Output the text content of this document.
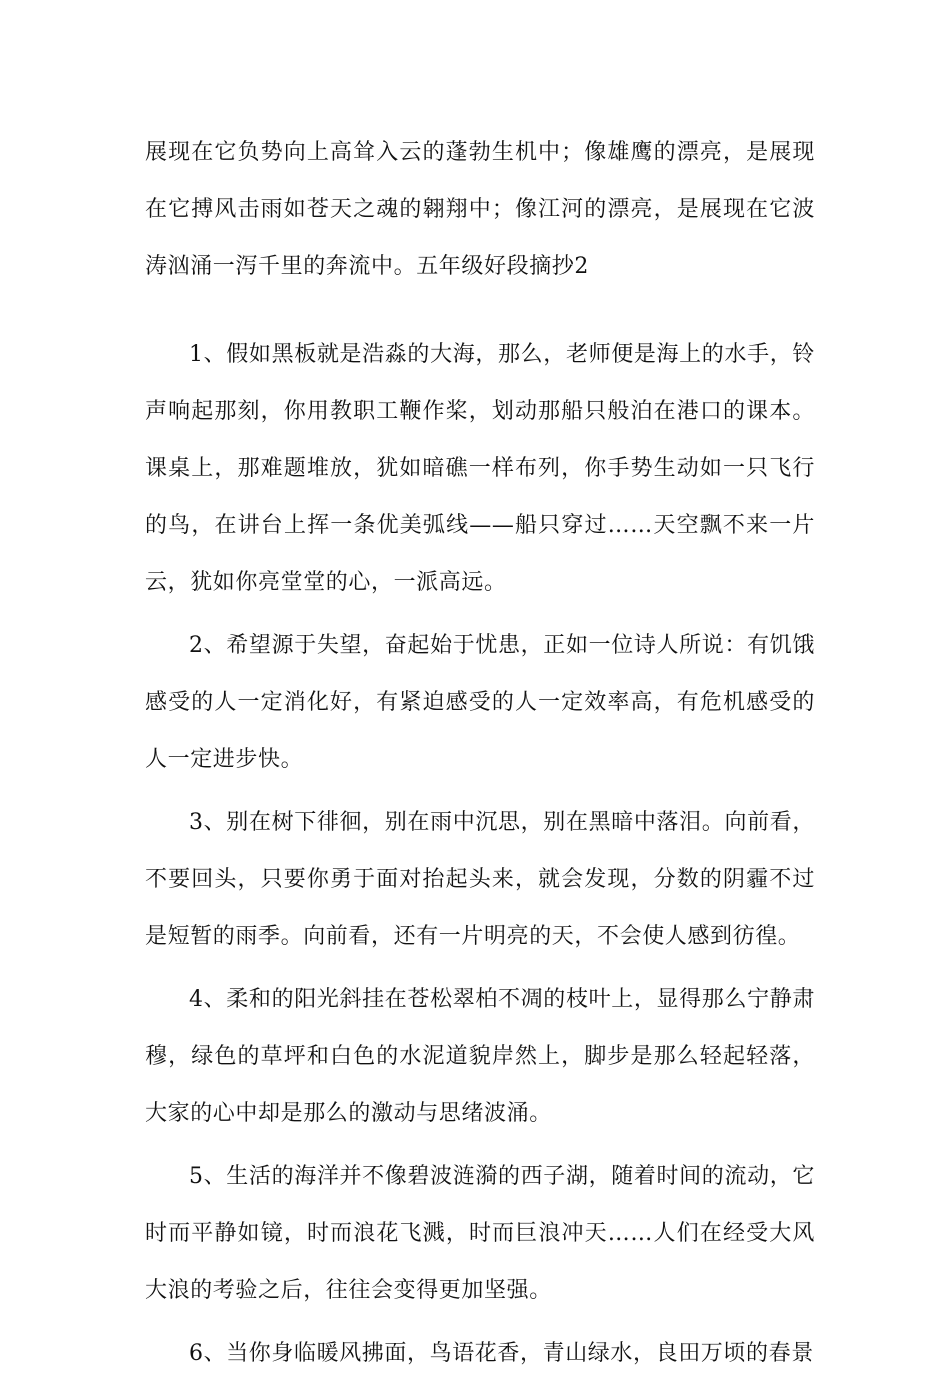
展现在它负势向上高耸入云的蓬勃生机中；像雄鹰的漂亮，是展现在它搏风击雨如苍天之魂的翱翔中；像江河的漂亮，是展现在它波涛汹涌一泻千里的奔流中。五年级好段摘抄2

1、假如黑板就是浩淼的大海，那么，老师便是海上的水手，铃声响起那刻，你用教职工鞭作桨，划动那船只般泊在港口的课本。课桌上，那难题堆放，犹如暗礁一样布列，你手势生动如一只飞行的鸟，在讲台上挥一条优美弧线——船只穿过……天空飘不来一片云，犹如你亮堂堂的心，一派高远。

2、希望源于失望，奋起始于忧患，正如一位诗人所说：有饥饿感受的人一定消化好，有紧迫感受的人一定效率高，有危机感受的人一定进步快。

3、别在树下徘徊，别在雨中沉思，别在黑暗中落泪。向前看，不要回头，只要你勇于面对抬起头来，就会发现，分数的阴霾不过是短暂的雨季。向前看，还有一片明亮的天，不会使人感到彷徨。

4、柔和的阳光斜挂在苍松翠柏不凋的枝叶上，显得那么宁静肃穆，绿色的草坪和白色的水泥道貌岸然上，脚步是那么轻起轻落，大家的心中却是那么的激动与思绪波涌。

5、生活的海洋并不像碧波涟漪的西子湖，随着时间的流动，它时而平静如镜，时而浪花飞溅，时而巨浪冲天……人们在经受大风大浪的考验之后，往往会变得更加坚强。

6、当你身临暖风拂面，鸟语花香，青山绿水，良田万顷的春景
